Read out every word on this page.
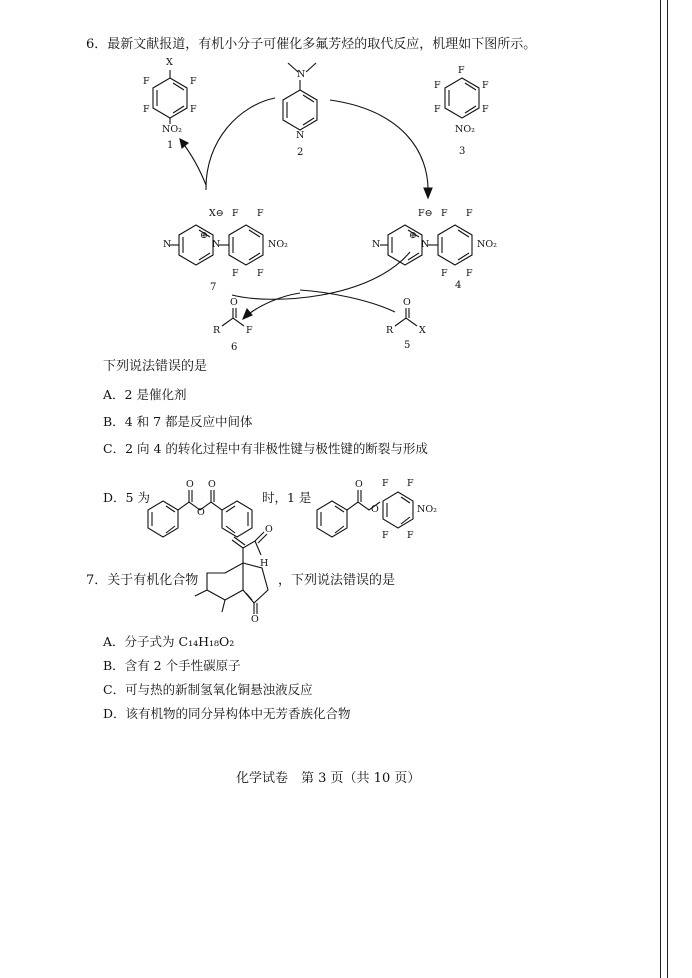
6．最新文献报道，有机小分子可催化多氟芳烃的取代反应，机理如下图所示。
X
F	F
F	F
NO₂
1
N
N
2
F
F	F
F	F
NO₂
3
N	N
X⊖
⊕
F F
F F
NO₂
7
N	N
F⊖
⊕
F F
F F
NO₂
4
O
R	F
6
O
R	X
5
下列说法错误的是
A．2 是催化剂
B．4 和 7 都是反应中间体
C．2 向 4 的转化过程中有非极性键与极性键的断裂与形成
D．5 为	时，1 是
O
O
O	O
O
F F
F F
NO₂
7．关于有机化合物	，下列说法错误的是
O
O
H
A．分子式为 C₁₄H₁₈O₂
B．含有 2 个手性碳原子
C．可与热的新制氢氧化铜悬浊液反应
D．该有机物的同分异构体中无芳香族化合物
化学试卷　第 3 页（共 10 页）
